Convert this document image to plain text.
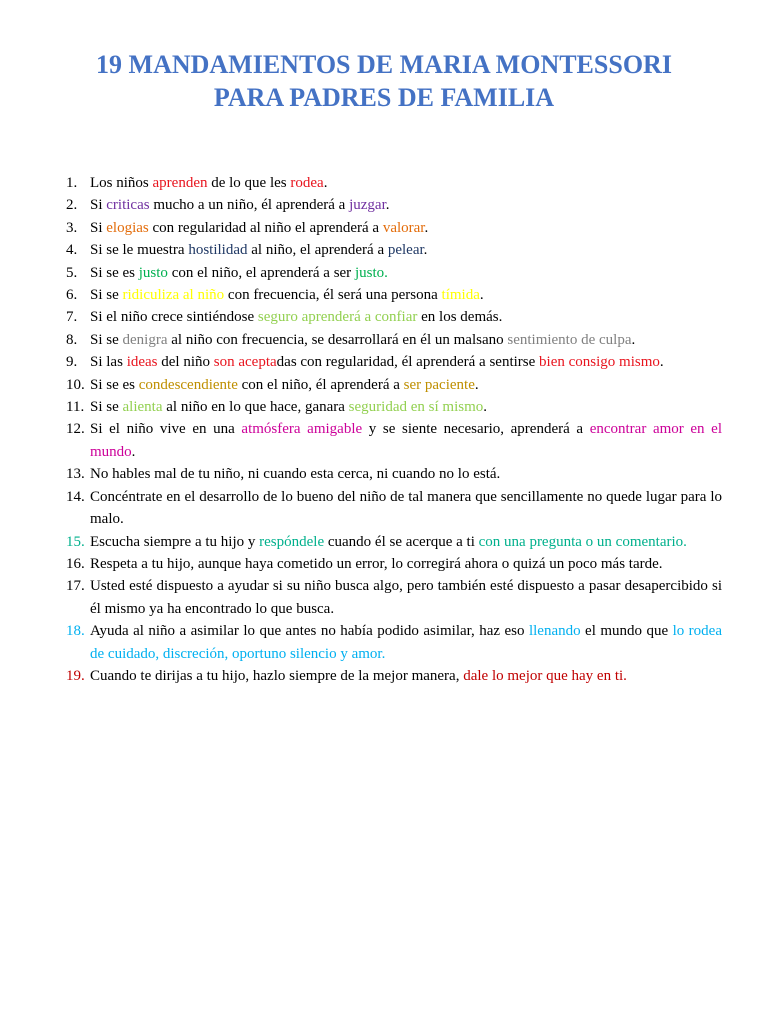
19 MANDAMIENTOS DE MARIA MONTESSORI
PARA PADRES DE FAMILIA
1. Los niños aprenden de lo que les rodea.
2. Si criticas mucho a un niño, él aprenderá a juzgar.
3. Si elogias con regularidad al niño el aprenderá a valorar.
4. Si se le muestra hostilidad al niño, el aprenderá a pelear.
5. Si se es justo con el niño, el aprenderá a ser justo.
6. Si se ridiculiza al niño con frecuencia, él será una persona tímida.
7. Si el niño crece sintiéndose seguro aprenderá a confiar en los demás.
8. Si se denigra al niño con frecuencia, se desarrollará en él un malsano sentimiento de culpa.
9. Si las ideas del niño son aceptadas con regularidad, él aprenderá a sentirse bien consigo mismo.
10. Si se es condescendiente con el niño, él aprenderá a ser paciente.
11. Si se alienta al niño en lo que hace, ganara seguridad en sí mismo.
12. Si el niño vive en una atmósfera amigable y se siente necesario, aprenderá a encontrar amor en el mundo.
13. No hables mal de tu niño, ni cuando esta cerca, ni cuando no lo está.
14. Concéntrate en el desarrollo de lo bueno del niño de tal manera que sencillamente no quede lugar para lo malo.
15. Escucha siempre a tu hijo y respóndele cuando él se acerque a ti con una pregunta o un comentario.
16. Respeta a tu hijo, aunque haya cometido un error, lo corregirá ahora o quizá un poco más tarde.
17. Usted esté dispuesto a ayudar si su niño busca algo, pero también esté dispuesto a pasar desapercibido si él mismo ya ha encontrado lo que busca.
18. Ayuda al niño a asimilar lo que antes no había podido asimilar, haz eso llenando el mundo que lo rodea de cuidado, discreción, oportuno silencio y amor.
19. Cuando te dirijas a tu hijo, hazlo siempre de la mejor manera, dale lo mejor que hay en ti.
